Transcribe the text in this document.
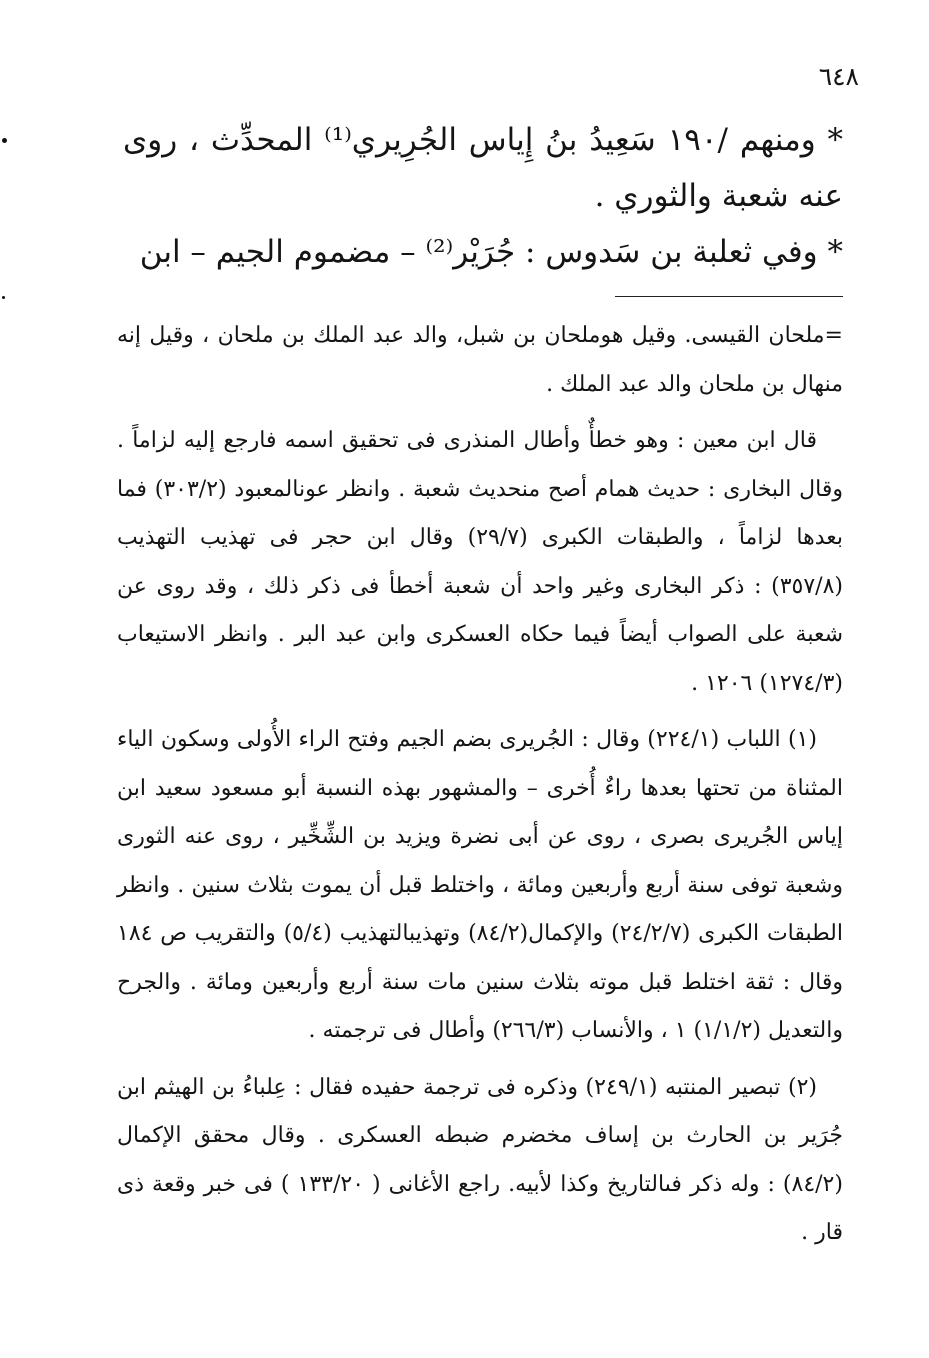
٦٤٨

* ومنهم /١٩٠ سَعِيدُ بنُ إِياس الجُرِيري⁽¹⁾ المحدِّث ، روى عنه شعبة والثوري .

* وفي ثعلبة بن سَدوس : جُرَيْر⁽²⁾ – مضموم الجيم – ابن

=ملحان القيسى. وقيل هوملحان بن شبل، والد عبد الملك بن ملحان ، وقيل إنه منهال بن ملحان والد عبد الملك .

قال ابن معين : وهو خطأٌ وأطال المنذرى فى تحقيق اسمه فارجع إليه لزاماً . وقال البخارى : حديث همام أصح منحديث شعبة . وانظر عونالمعبود (٣٠٣/٢) فما بعدها لزاماً ، والطبقات الكبرى (٢٩/٧) وقال ابن حجر فى تهذيب التهذيب (٣٥٧/٨) : ذكر البخارى وغير واحد أن شعبة أخطأ فى ذكر ذلك ، وقد روى عن شعبة على الصواب أيضاً فيما حكاه العسكرى وابن عبد البر . وانظر الاستيعاب (١٢٧٤/٣) ١٢٠٦ .

(١) اللباب (٢٢٤/١) وقال : الجُريرى بضم الجيم وفتح الراء الأُولى وسكون الياء المثناة من تحتها بعدها راءٌ أُخرى – والمشهور بهذه النسبة أبو مسعود سعيد ابن إياس الجُريرى بصرى ، روى عن أبى نضرة ويزيد بن الشِّخِّير ، روى عنه الثورى وشعبة توفى سنة أربع وأربعين ومائة ، واختلط قبل أن يموت بثلاث سنين . وانظر الطبقات الكبرى (٢٤/٢/٧) والإكمال(٨٤/٢) وتهذيبالتهذيب (٥/٤) والتقريب ص ١٨٤ وقال : ثقة اختلط قبل موته بثلاث سنين مات سنة أربع وأربعين ومائة . والجرح والتعديل (١/١/٢) ١ ، والأنساب (٢٦٦/٣) وأطال فى ترجمته .

(٢) تبصير المنتبه (٢٤٩/١) وذكره فى ترجمة حفيده فقال : عِلباءُ بن الهيثم ابن جُرَير بن الحارث بن إساف مخضرم ضبطه العسكرى . وقال محقق الإكمال (٨٤/٢) : وله ذكر فىالتاريخ وكذا لأبيه. راجع الأغانى ( ١٣٣/٢٠ ) فى خبر وقعة ذى قار .
